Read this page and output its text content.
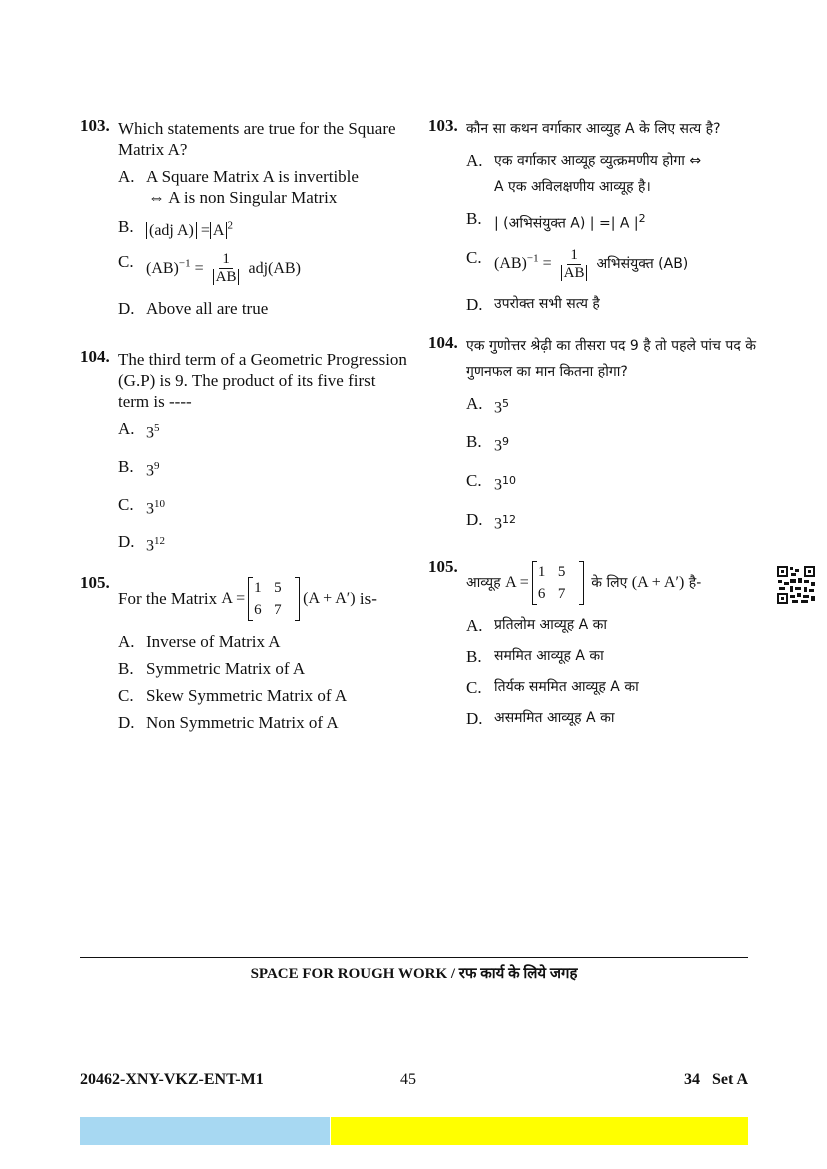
103. Which statements are true for the Square Matrix A?
A. A Square Matrix A is invertible
⇔ A is non Singular Matrix
B. (adj A) = A $^2$
C. $(AB)^{-1} = \frac{1}{AB} adj(AB)$
D. Above all are true
104. The third term of a Geometric Progression (G.P) is 9. The product of its five first term is ----
A. $3^5$
B. $3^9$
C. $3^{10}$
D. $3^{12}$
105.
For the Matrix
A =
1 5
6 7
(A + A′)
is-
A. Inverse of Matrix A
B. Symmetric Matrix of A
C. Skew Symmetric Matrix of A
D. Non Symmetric Matrix of A
103. कौन सा कथन वर्गाकार आव्युह A के लिए सत्य है?
A. एक वर्गाकार आव्यूह व्युत्क्रमणीय होगा ⇔
A एक अविलक्षणीय आव्यूह है।
B. | (अभिसंयुक्त A) | =| A $|^2$
C. $(AB)^{-1} = \frac{1}{AB}$ अभिसंयुक्त (AB)
D. उपरोक्त सभी सत्य है
104. एक गुणोत्तर श्रेढ़ी का तीसरा पद 9 है तो पहले पांच पद के गुणनफल का मान कितना होगा?
A. $3^5$
B. $3^9$
C. $3^{10}$
D. $3^{12}$
105.
आव्यूह
A =
1 5
6 7

के लिए
(A + A′)
है-
A. प्रतिलोम आव्यूह A का
B. सममित आव्यूह A का
C. तिर्यक सममित आव्यूह A का
D. असममित आव्यूह A का
SPACE FOR ROUGH WORK / रफ कार्य के लिये जगह
20462-XNY-VKZ-ENT-M1	45	34   Set A
